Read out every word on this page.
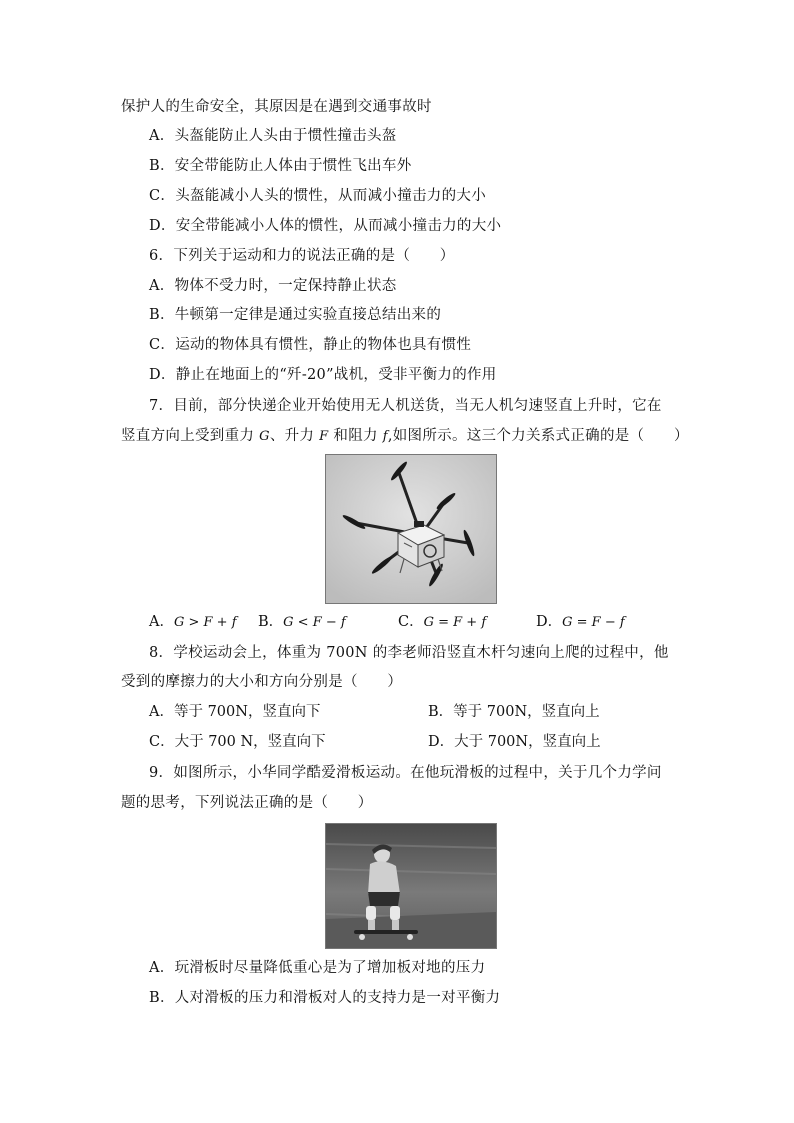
保护人的生命安全，其原因是在遇到交通事故时
A．头盔能防止人头由于惯性撞击头盔
B．安全带能防止人体由于惯性飞出车外
C．头盔能减小人头的惯性，从而减小撞击力的大小
D．安全带能减小人体的惯性，从而减小撞击力的大小
6．下列关于运动和力的说法正确的是（　　）
A．物体不受力时，一定保持静止状态
B．牛顿第一定律是通过实验直接总结出来的
C．运动的物体具有惯性，静止的物体也具有惯性
D．静止在地面上的“歼-20”战机，受非平衡力的作用
7．目前，部分快递企业开始使用无人机送货，当无人机匀速竖直上升时，它在
竖直方向上受到重力 G、升力 F 和阻力 f,如图所示。这三个力关系式正确的是（　　）
A．G > F + f B．G < F − f	C．G = F + f	D．G = F − f
8．学校运动会上，体重为 700N 的李老师沿竖直木杆匀速向上爬的过程中，他
受到的摩擦力的大小和方向分别是（　　）
A．等于 700N，竖直向下	B．等于 700N，竖直向上
C．大于 700 N，竖直向下	D．大于 700N，竖直向上
9．如图所示，小华同学酷爱滑板运动。在他玩滑板的过程中，关于几个力学问
题的思考，下列说法正确的是（　　）
A．玩滑板时尽量降低重心是为了增加板对地的压力
B．人对滑板的压力和滑板对人的支持力是一对平衡力
